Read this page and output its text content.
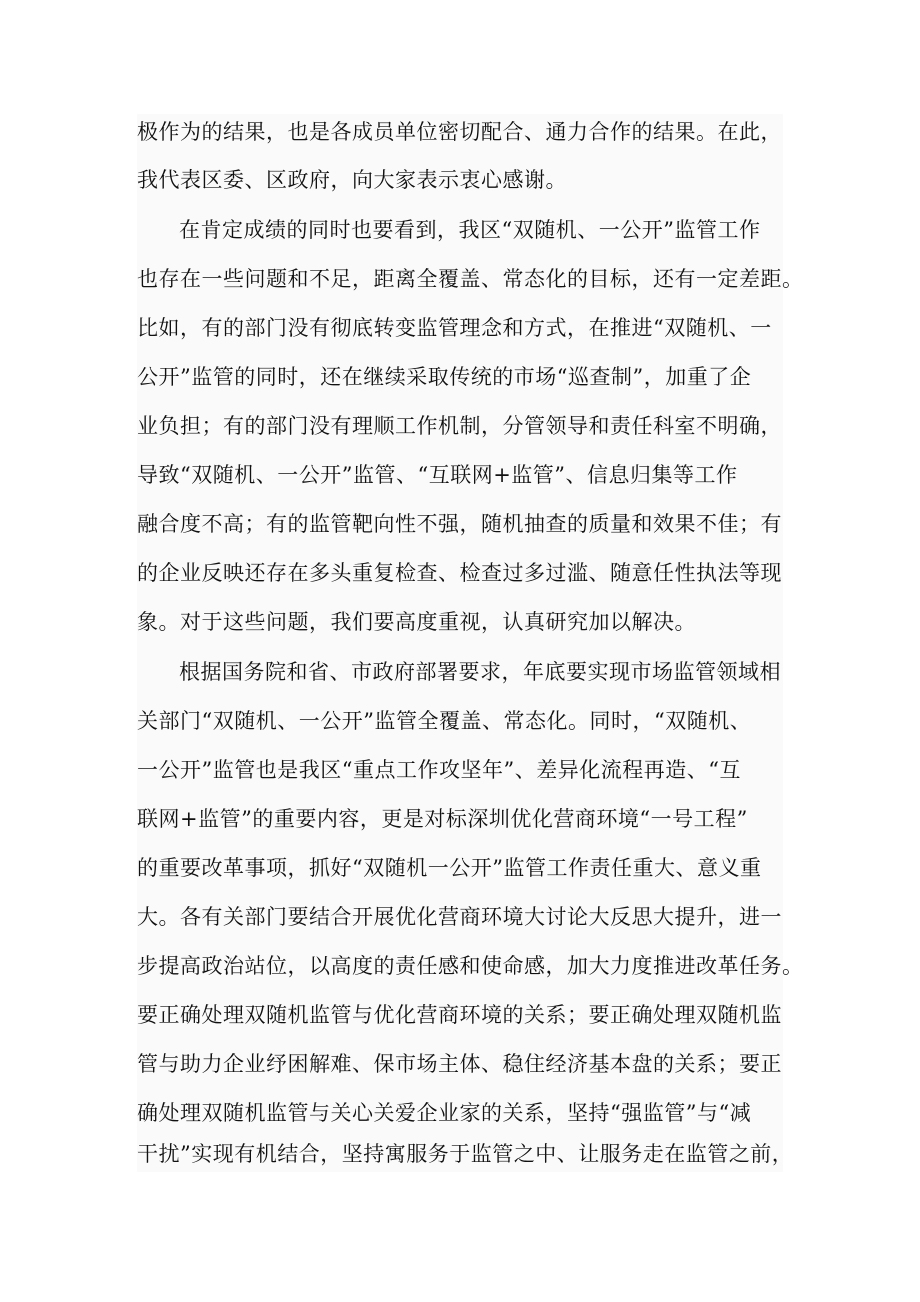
极作为的结果，也是各成员单位密切配合、通力合作的结果。在此，
我代表区委、区政府，向大家表示衷心感谢。
在肯定成绩的同时也要看到，我区“双随机、一公开”监管工作
也存在一些问题和不足，距离全覆盖、常态化的目标，还有一定差距。
比如，有的部门没有彻底转变监管理念和方式，在推进“双随机、一
公开”监管的同时，还在继续采取传统的市场“巡查制”，加重了企
业负担；有的部门没有理顺工作机制，分管领导和责任科室不明确，
导致“双随机、一公开”监管、“互联网+监管”、信息归集等工作
融合度不高；有的监管靶向性不强，随机抽查的质量和效果不佳；有
的企业反映还存在多头重复检查、检查过多过滥、随意任性执法等现
象。对于这些问题，我们要高度重视，认真研究加以解决。
根据国务院和省、市政府部署要求，年底要实现市场监管领域相
关部门“双随机、一公开”监管全覆盖、常态化。同时，“双随机、
一公开”监管也是我区“重点工作攻坚年”、差异化流程再造、“互
联网+监管”的重要内容，更是对标深圳优化营商环境“一号工程”
的重要改革事项，抓好“双随机一公开”监管工作责任重大、意义重
大。各有关部门要结合开展优化营商环境大讨论大反思大提升，进一
步提高政治站位，以高度的责任感和使命感，加大力度推进改革任务。
要正确处理双随机监管与优化营商环境的关系；要正确处理双随机监
管与助力企业纾困解难、保市场主体、稳住经济基本盘的关系；要正
确处理双随机监管与关心关爱企业家的关系，坚持“强监管”与“减
干扰”实现有机结合，坚持寓服务于监管之中、让服务走在监管之前，
